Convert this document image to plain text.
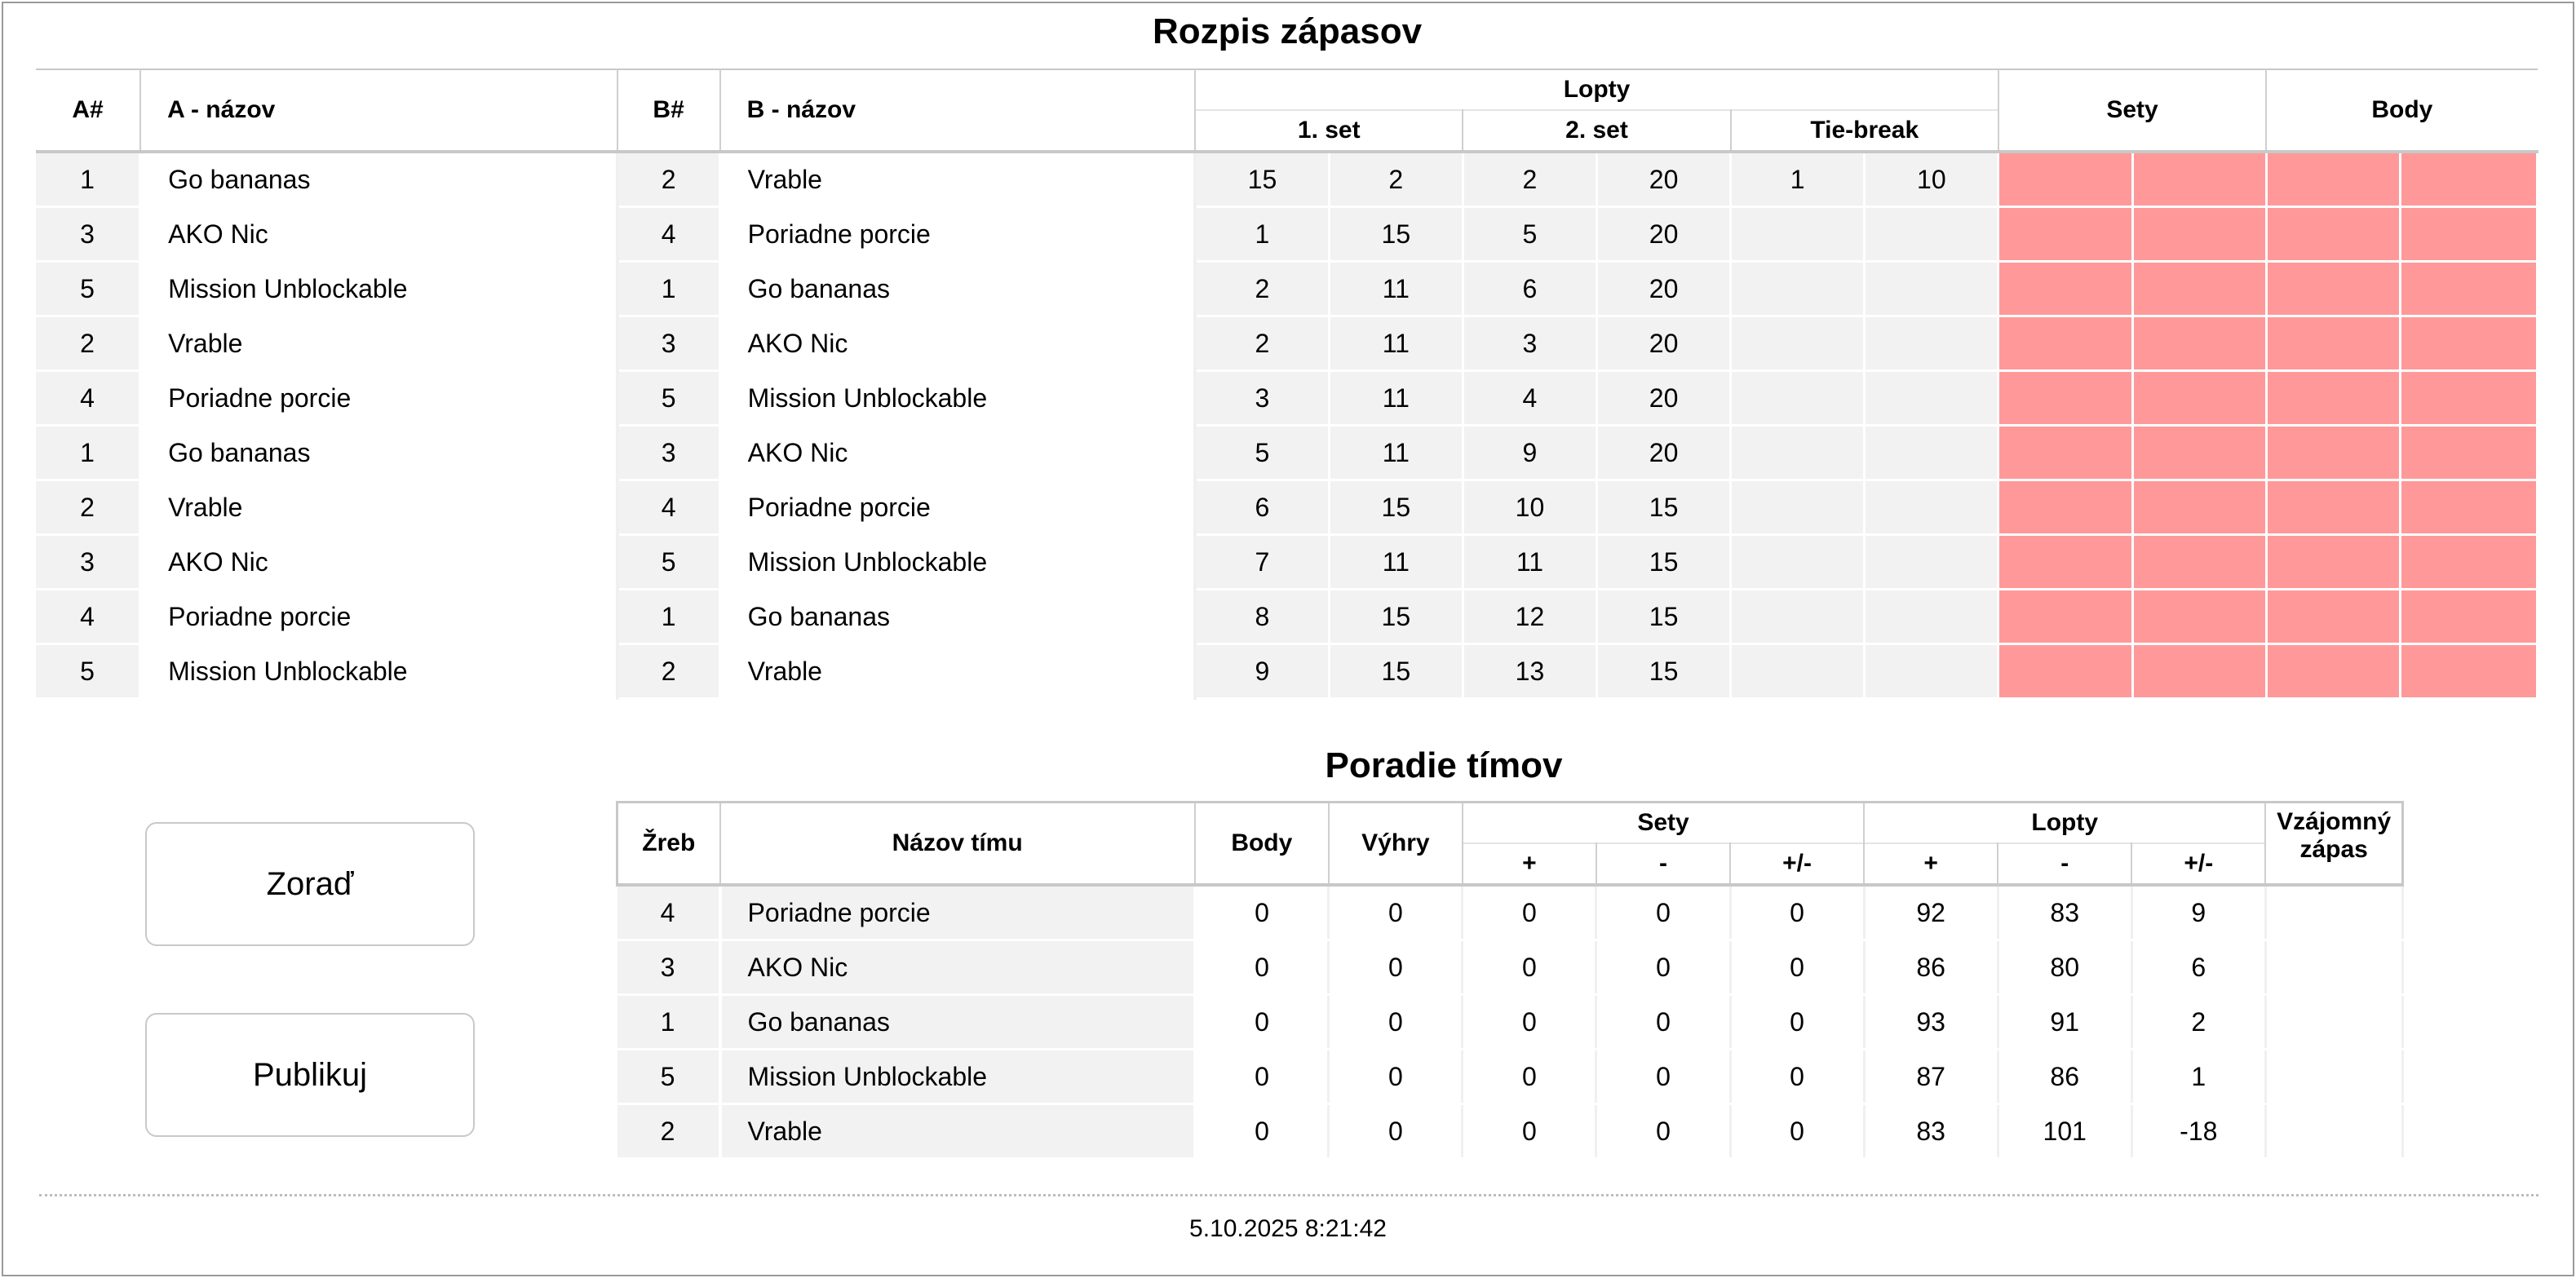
Rozpis zápasov
A#	A - názov	B#	B - názov	Lopty						Sety		Body	
				1. set		2. set		Tie-break					
1	Go bananas	2	Vrable	15	2	2	20	1	10				
3	AKO Nic	4	Poriadne porcie	1	15	5	20						
5	Mission Unblockable	1	Go bananas	2	11	6	20						
2	Vrable	3	AKO Nic	2	11	3	20						
4	Poriadne porcie	5	Mission Unblockable	3	11	4	20						
1	Go bananas	3	AKO Nic	5	11	9	20						
2	Vrable	4	Poriadne porcie	6	15	10	15						
3	AKO Nic	5	Mission Unblockable	7	11	11	15						
4	Poriadne porcie	1	Go bananas	8	15	12	15						
5	Mission Unblockable	2	Vrable	9	15	13	15						
Poradie tímov
Zoraď
Publikuj
Žreb	Názov tímu	Body	Výhry	Sety			Lopty			Vzájomný
zápas
				+	-	+/-	+	-	+/-	
4	Poriadne porcie	0	0	0	0	0	92	83	9	
3	AKO Nic	0	0	0	0	0	86	80	6	
1	Go bananas	0	0	0	0	0	93	91	2	
5	Mission Unblockable	0	0	0	0	0	87	86	1	
2	Vrable	0	0	0	0	0	83	101	-18	
5.10.2025 8:21:42
